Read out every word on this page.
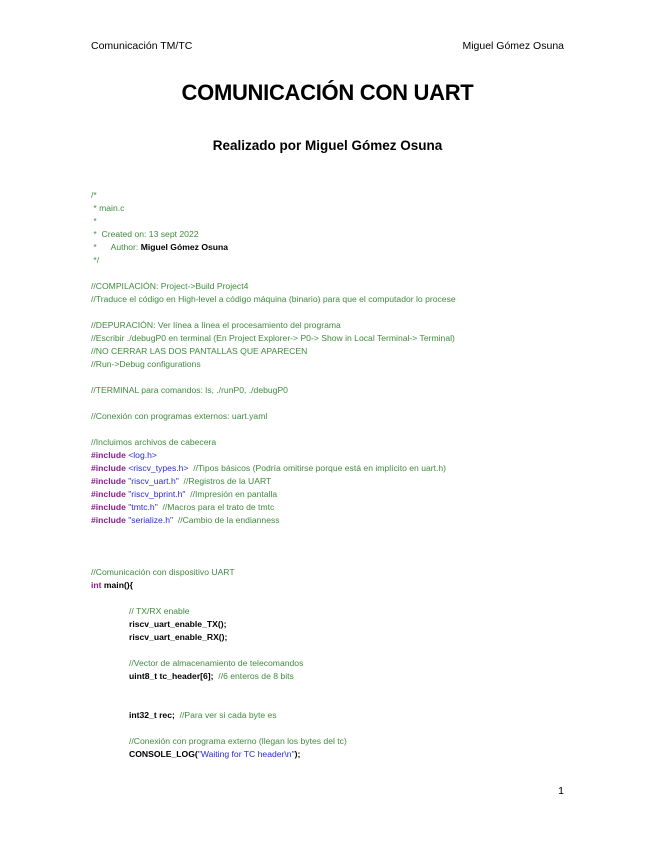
Comunicación TM/TC	Miguel Gómez Osuna
COMUNICACIÓN CON UART
Realizado por Miguel Gómez Osuna
/*
* main.c
*
*  Created on: 13 sept 2022
*      Author: Miguel Gómez Osuna
*/
//COMPILACIÓN: Project->Build Project4
//Traduce el código en High-level a código máquina (binario) para que el computador lo procese
//DEPURACIÓN: Ver línea a línea el procesamiento del programa
//Escribir ./debugP0 en terminal (En Project Explorer-> P0-> Show in Local Terminal-> Terminal)
//NO CERRAR LAS DOS PANTALLAS QUE APARECEN
//Run->Debug configurations
//TERMINAL para comandos: ls, ./runP0, ./debugP0
//Conexión con programas externos: uart.yaml
//Incluimos archivos de cabecera
#include <log.h>
#include <riscv_types.h>  //Tipos básicos (Podría omitirse porque está en implícito en uart.h)
#include "riscv_uart.h"  //Registros de la UART
#include "riscv_bprint.h"  //Impresión en pantalla
#include "tmtc.h"  //Macros para el trato de tmtc
#include "serialize.h"  //Cambio de la endianness
//Comunicación con dispositivo UART
int main(){
// TX/RX enable
riscv_uart_enable_TX();
riscv_uart_enable_RX();
//Vector de almacenamiento de telecomandos
uint8_t tc_header[6];  //6 enteros de 8 bits
int32_t rec;  //Para ver si cada byte es
//Conexión con programa externo (llegan los bytes del tc)
CONSOLE_LOG("Waiting for TC header\n");
1
